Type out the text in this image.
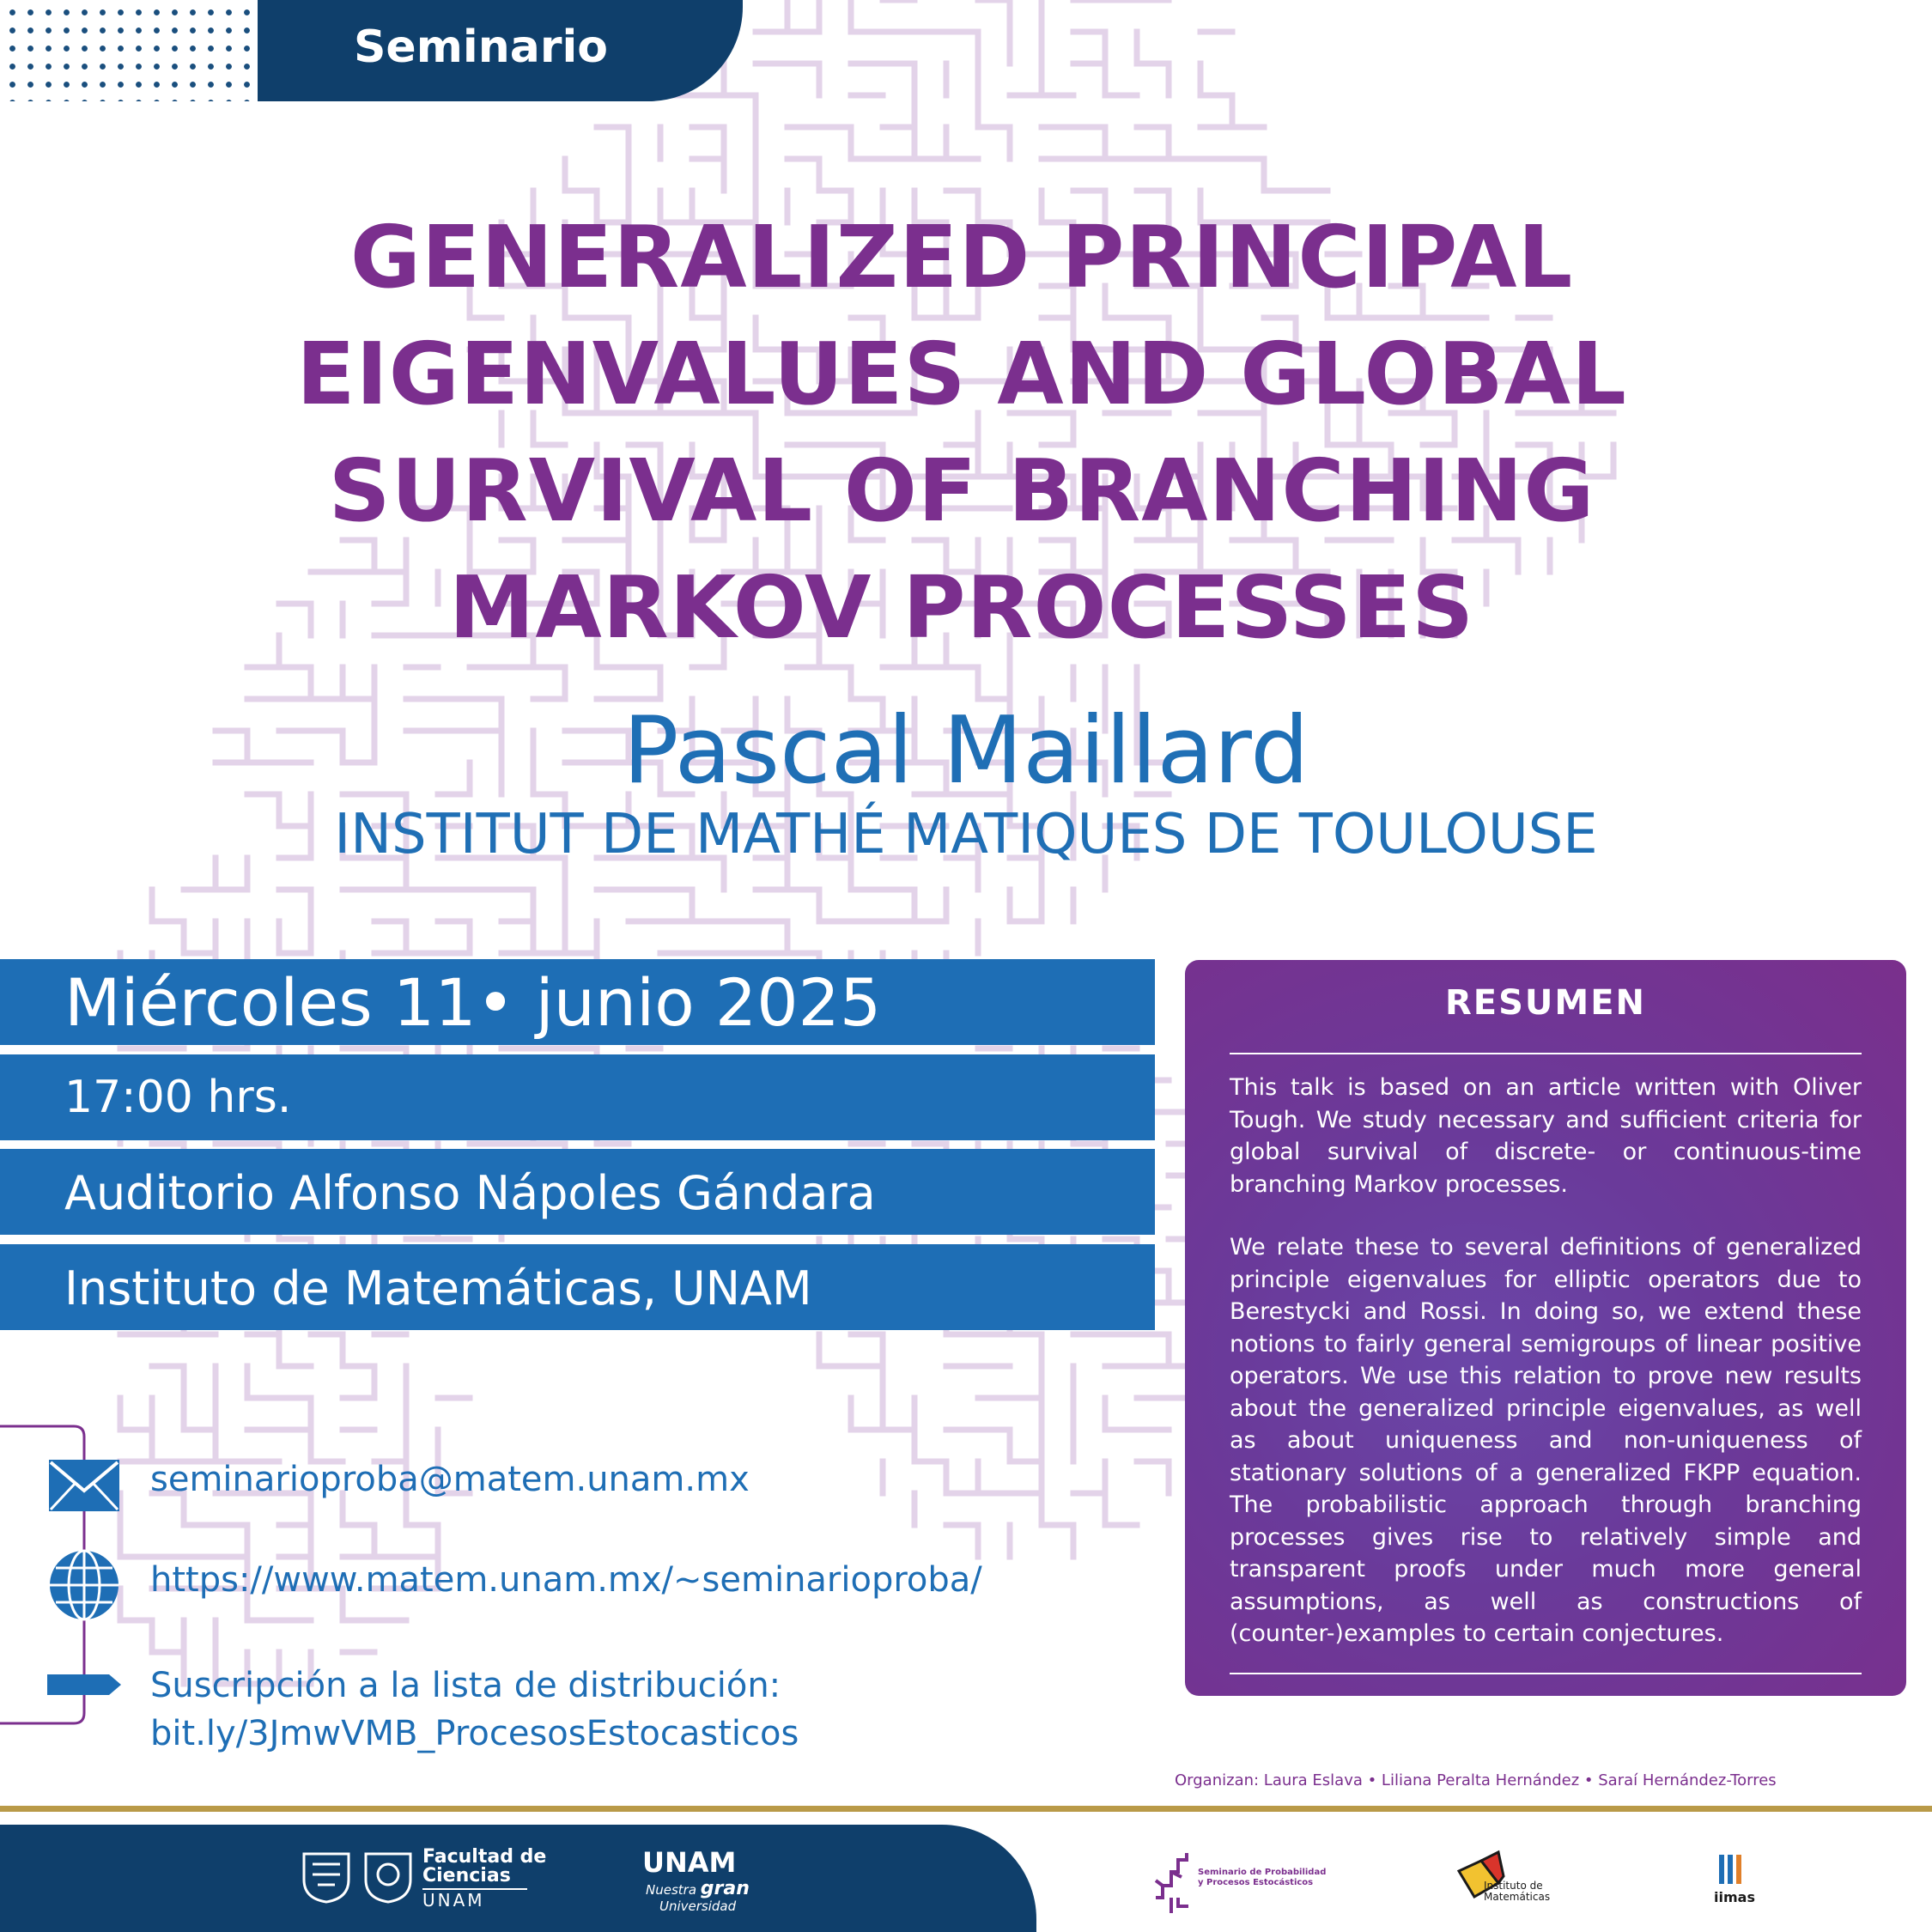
Seminario
GENERALIZED PRINCIPAL
EIGENVALUES AND GLOBAL
SURVIVAL OF BRANCHING
MARKOV PROCESSES
Pascal Maillard
INSTITUT DE MATHÉ MATIQUES DE TOULOUSE
Miércoles 11• junio 2025
17:00 hrs.
Auditorio Alfonso Nápoles Gándara
Instituto de Matemáticas, UNAM
RESUMEN

This talk is based on an article written with Oliver Tough. We study necessary and sufficient criteria for global survival of discrete- or continuous-time branching Markov processes.

We relate these to several definitions of generalized principle eigenvalues for elliptic operators due to Berestycki and Rossi. In doing so, we extend these notions to fairly general semigroups of linear positive operators. We use this relation to prove new results about the generalized principle eigenvalues, as well as about uniqueness and non-uniqueness of stationary solutions of a generalized FKPP equation. The probabilistic approach through branching processes gives rise to relatively simple and transparent proofs under much more general assumptions, as well as constructions of (counter-)examples to certain conjectures.

seminarioproba@matem.unam.mx
https://www.matem.unam.mx/~seminarioproba/
Suscripción a la lista de distribución:
bit.ly/3JmwVMB_ProcesosEstocasticos
Organizan: Laura Eslava • Liliana Peralta Hernández • Saraí Hernández-Torres
Facultad de
Ciencias
UNAM
UNAM
Nuestra gran
Universidad
Seminario de Probabilidad
y Procesos Estocásticos	Instituto de
Matemáticas	iimas
